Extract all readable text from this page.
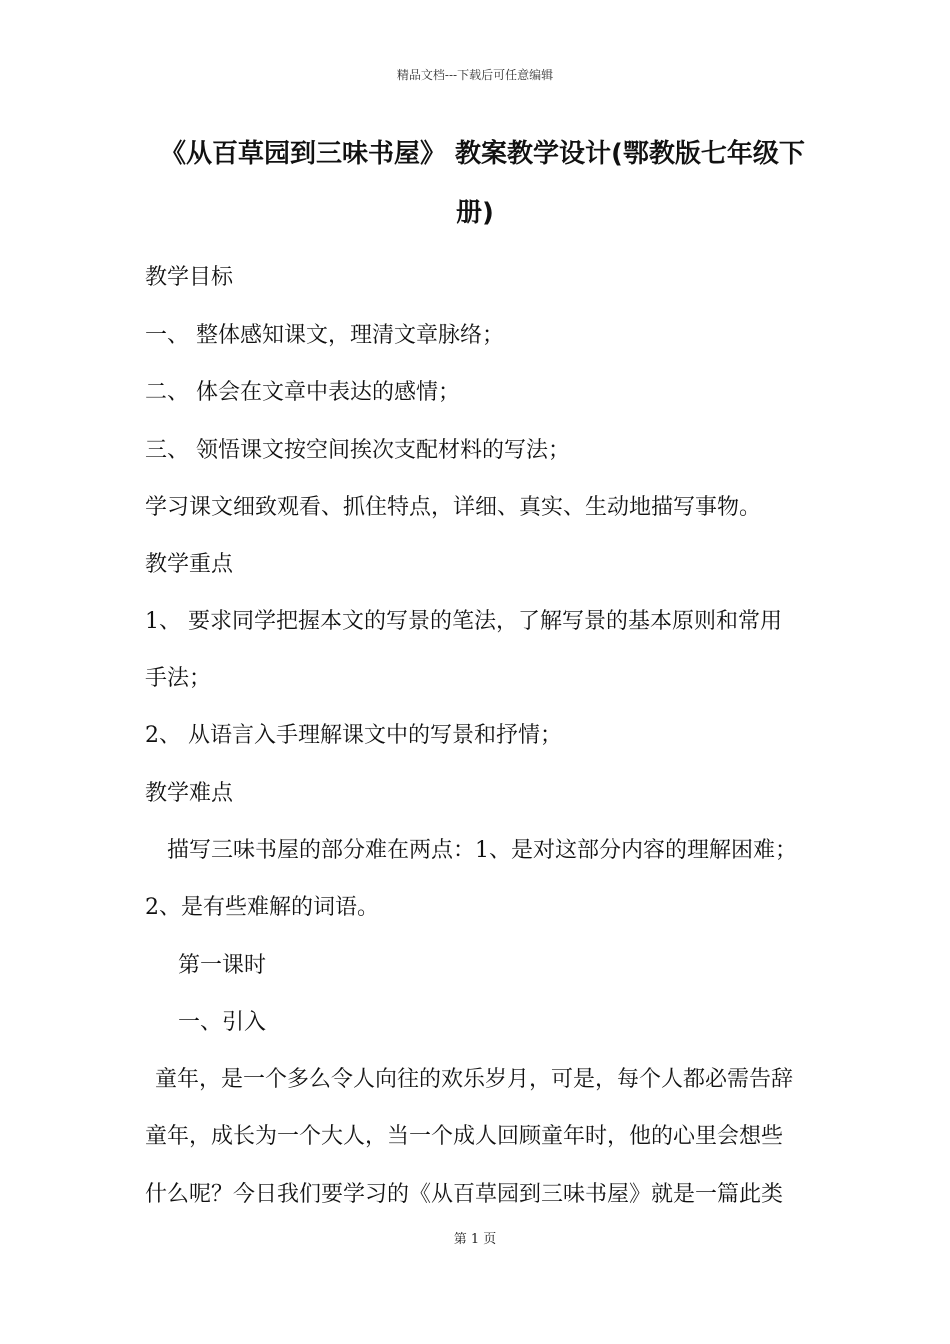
精品文档---下载后可任意编辑
《从百草园到三味书屋》 教案教学设计(鄂教版七年级下
册)
教学目标
一、 整体感知课文，理清文章脉络；
二、 体会在文章中表达的感情；
三、 领悟课文按空间挨次支配材料的写法；
学习课文细致观看、抓住特点，详细、真实、生动地描写事物。
教学重点
1、 要求同学把握本文的写景的笔法，了解写景的基本原则和常用
手法；
2、 从语言入手理解课文中的写景和抒情；
教学难点
描写三味书屋的部分难在两点：1、是对这部分内容的理解困难；
2、是有些难解的词语。
第一课时
一、引入
童年，是一个多么令人向往的欢乐岁月，可是，每个人都必需告辞
童年，成长为一个大人，当一个成人回顾童年时，他的心里会想些
什么呢？今日我们要学习的《从百草园到三味书屋》就是一篇此类
第 1 页
